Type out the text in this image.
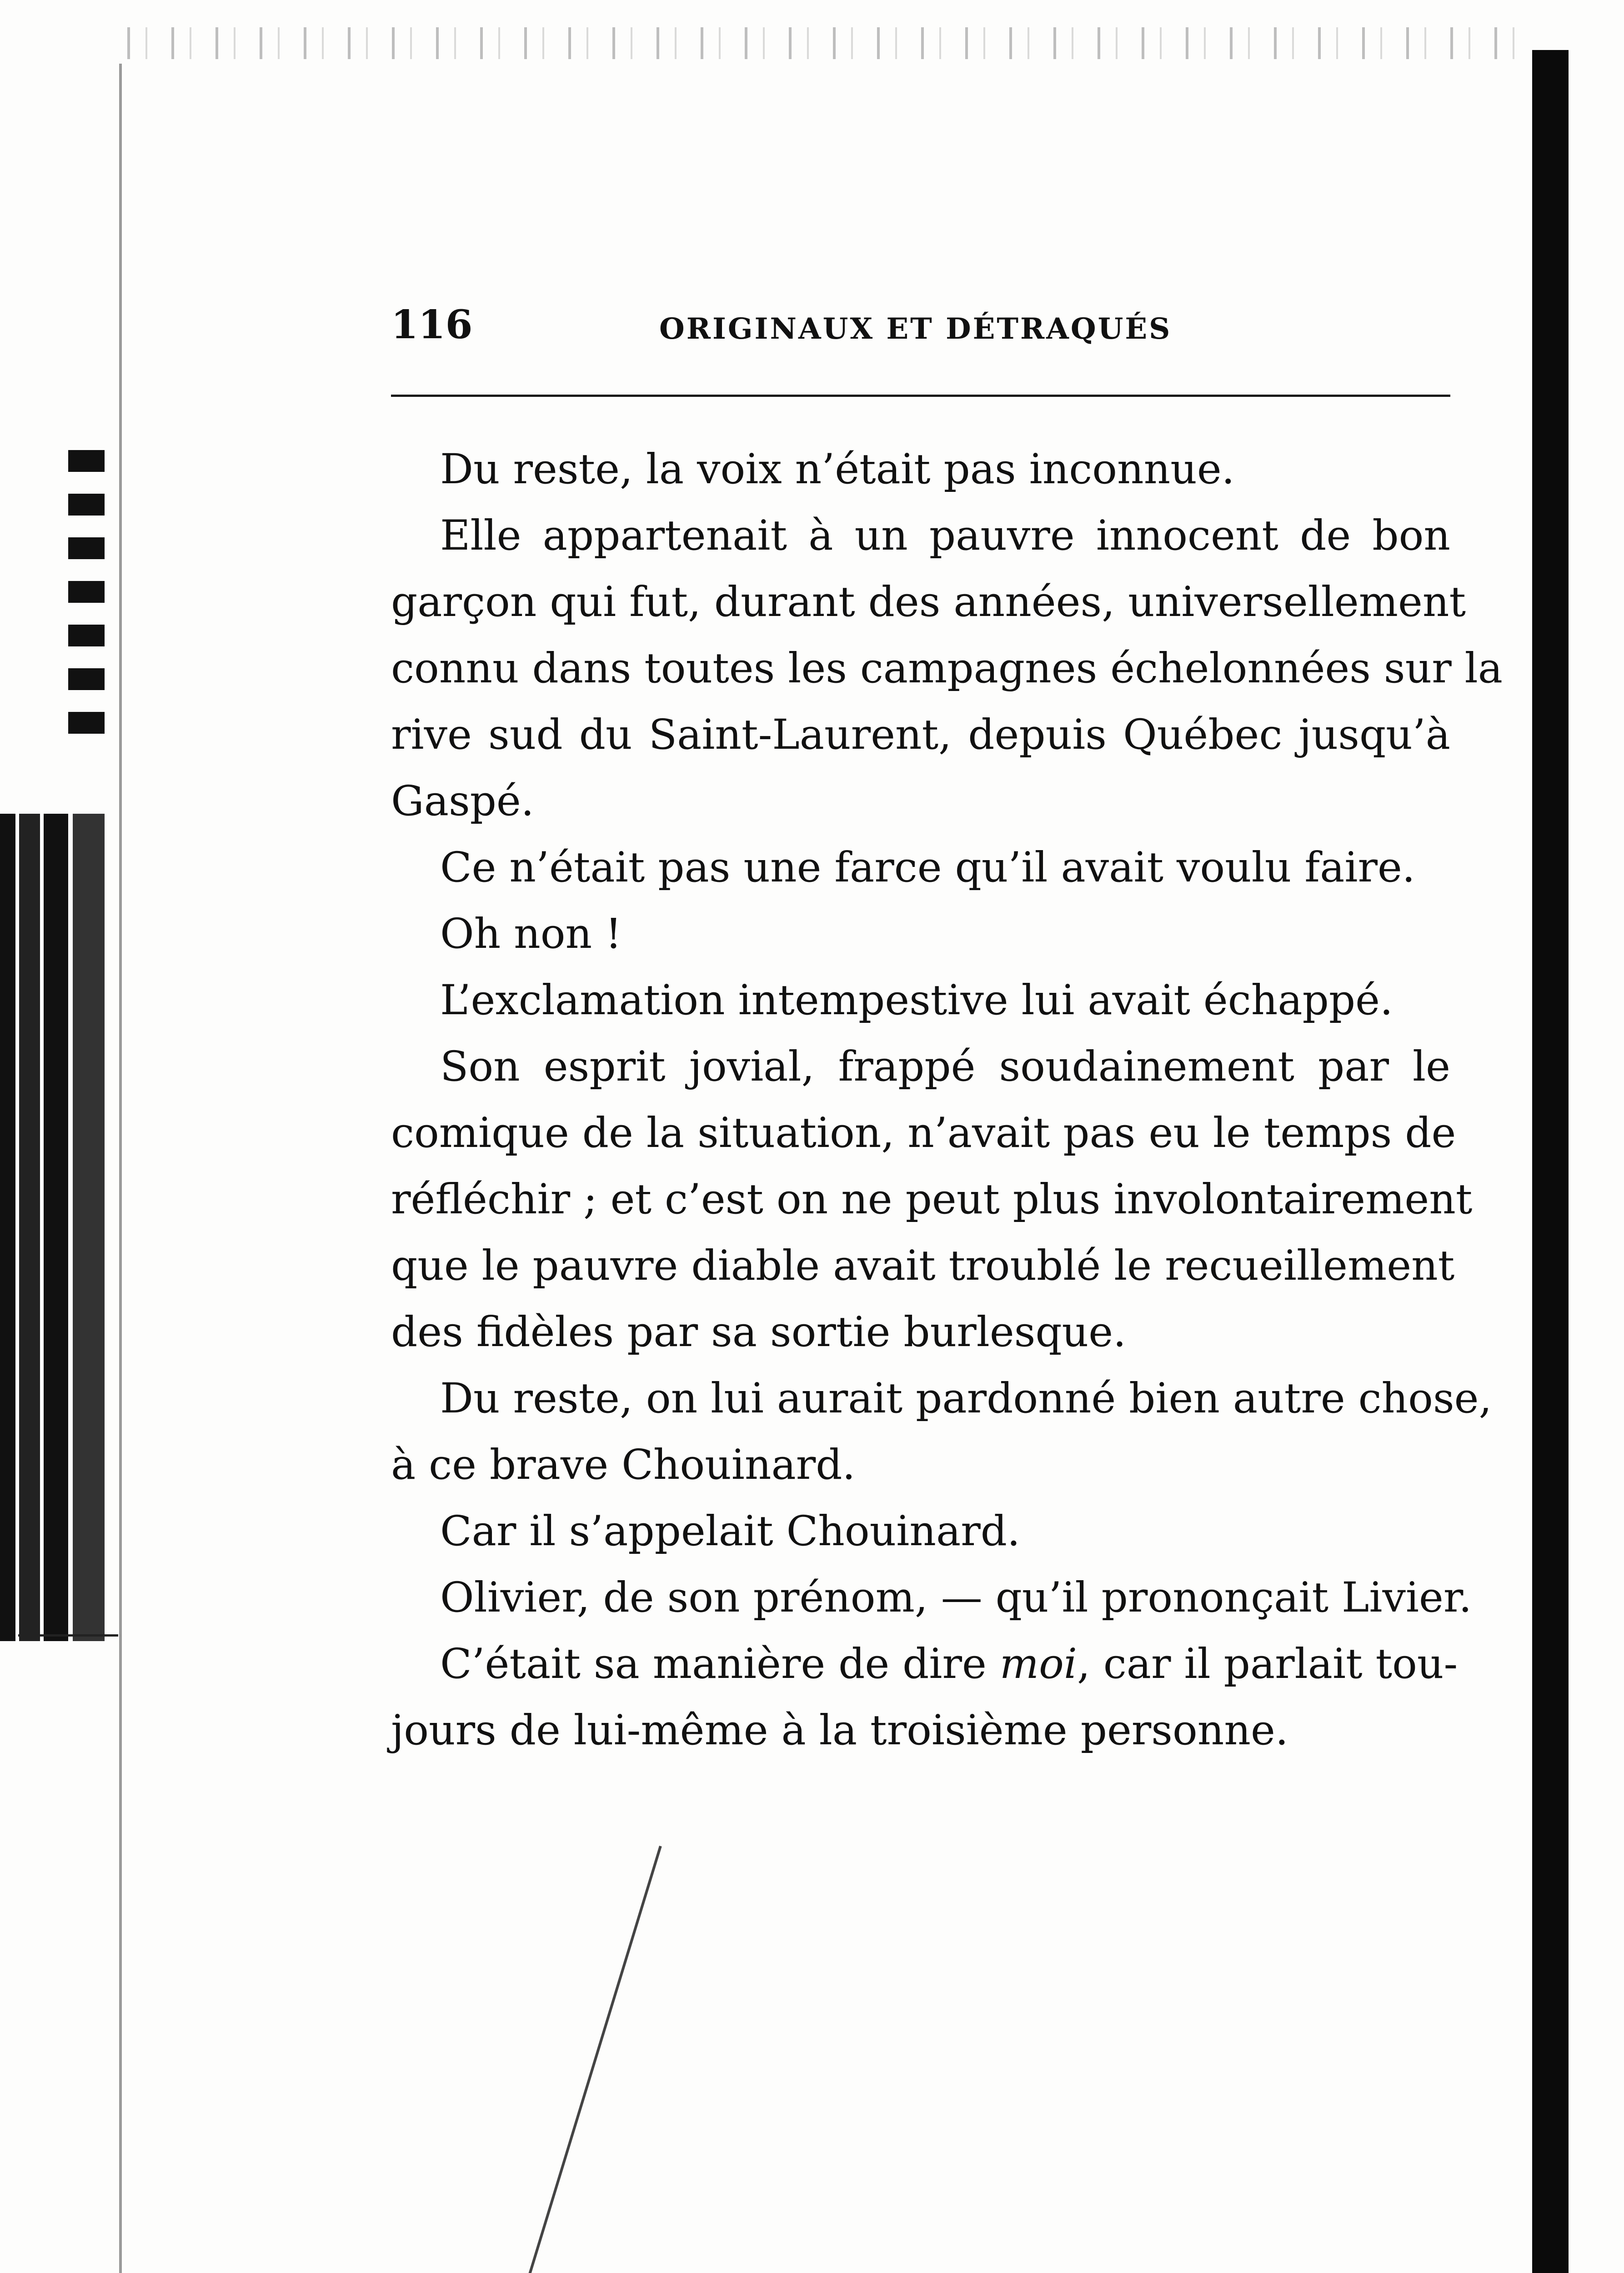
116	ORIGINAUX ET DÉTRAQUÉS
Du reste, la voix n’était pas inconnue.
Elle appartenait à un pauvre innocent de bon
garçon qui fut, durant des années, universellement
connu dans toutes les campagnes échelonnées sur la
rive sud du Saint-Laurent, depuis Québec jusqu’à
Gaspé.
Ce n’était pas une farce qu’il avait voulu faire.
Oh non !
L’exclamation intempestive lui avait échappé.
Son esprit jovial, frappé soudainement par le
comique de la situation, n’avait pas eu le temps de
réfléchir ; et c’est on ne peut plus involontairement
que le pauvre diable avait troublé le recueillement
des fidèles par sa sortie burlesque.
Du reste, on lui aurait pardonné bien autre chose,
à ce brave Chouinard.
Car il s’appelait Chouinard.
Olivier, de son prénom, — qu’il prononçait Livier.
C’était sa manière de dire moi, car il parlait tou-
jours de lui-même à la troisième personne.
